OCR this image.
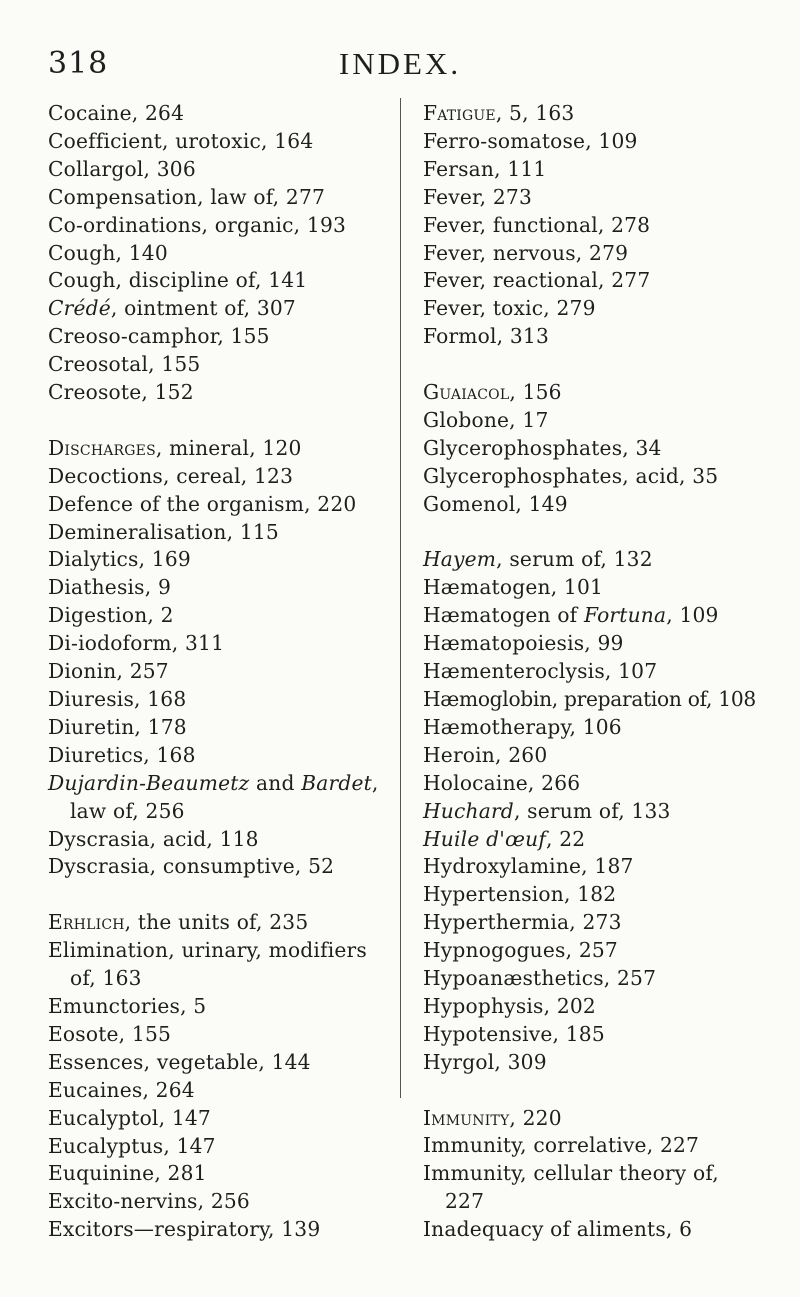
318	INDEX.
Cocaine, 264
Coefficient, urotoxic, 164
Collargol, 306
Compensation, law of, 277
Co-ordinations, organic, 193
Cough, 140
Cough, discipline of, 141
Crédé, ointment of, 307
Creoso-camphor, 155
Creosotal, 155
Creosote, 152
Discharges, mineral, 120
Decoctions, cereal, 123
Defence of the organism, 220
Demineralisation, 115
Dialytics, 169
Diathesis, 9
Digestion, 2
Di-iodoform, 311
Dionin, 257
Diuresis, 168
Diuretin, 178
Diuretics, 168
Dujardin-Beaumetz and Bardet,
law of, 256
Dyscrasia, acid, 118
Dyscrasia, consumptive, 52
Erhlich, the units of, 235
Elimination, urinary, modifiers
of, 163
Emunctories, 5
Eosote, 155
Essences, vegetable, 144
Eucaines, 264
Eucalyptol, 147
Eucalyptus, 147
Euquinine, 281
Excito-nervins, 256
Excitors—respiratory, 139
Fatigue, 5, 163
Ferro-somatose, 109
Fersan, 111
Fever, 273
Fever, functional, 278
Fever, nervous, 279
Fever, reactional, 277
Fever, toxic, 279
Formol, 313
Guaiacol, 156
Globone, 17
Glycerophosphates, 34
Glycerophosphates, acid, 35
Gomenol, 149
Hayem, serum of, 132
Hæmatogen, 101
Hæmatogen of Fortuna, 109
Hæmatopoiesis, 99
Hæmenteroclysis, 107
Hæmoglobin, preparation of, 108
Hæmotherapy, 106
Heroin, 260
Holocaine, 266
Huchard, serum of, 133
Huile d'œuf, 22
Hydroxylamine, 187
Hypertension, 182
Hyperthermia, 273
Hypnogogues, 257
Hypoanæsthetics, 257
Hypophysis, 202
Hypotensive, 185
Hyrgol, 309
Immunity, 220
Immunity, correlative, 227
Immunity, cellular theory of,
227
Inadequacy of aliments, 6
